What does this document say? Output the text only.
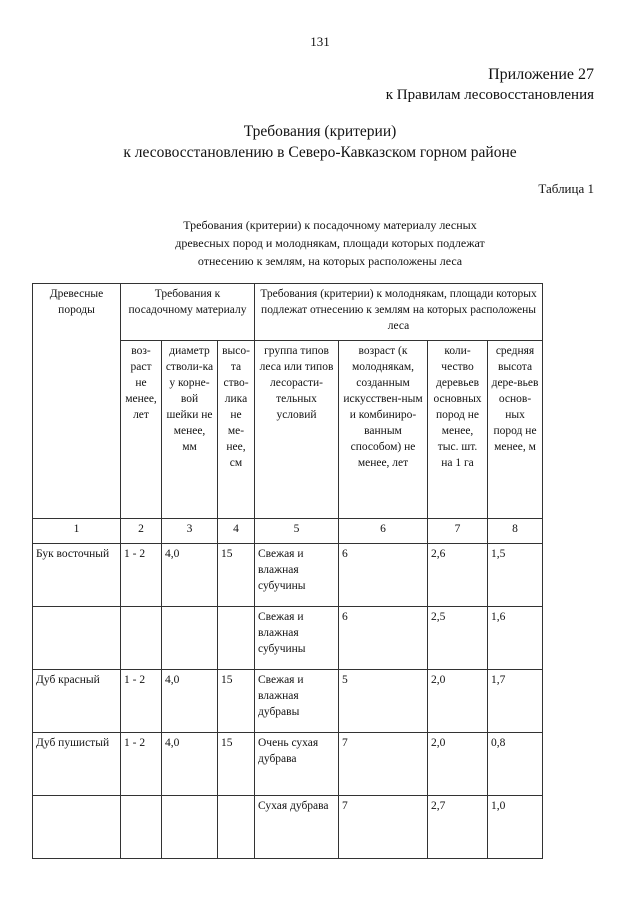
131
Приложение 27
к Правилам лесовосстановления
Требования (критерии)
к лесовосстановлению в Северо-Кавказском горном районе
Таблица 1
Требования (критерии) к посадочному материалу лесных
древесных пород и молоднякам, площади которых подлежат
отнесению к землям, на которых расположены леса
Древесные породы	Требования к посадочному материалу			Требования (критерии) к молоднякам, площади которых подлежат отнесению к землям на которых расположены леса			
	воз-раст не менее, лет	диаметр стволи-ка у корне-вой шейки не менее, мм	высо-та ство-лика не ме-нее, см	группа типов леса или типов лесорасти-тельных условий	возраст (к молоднякам, созданным искусствен-ным и комбиниро-ванным способом) не менее, лет	коли-чество деревьев основных пород не менее, тыс. шт. на 1 га	средняя высота дере-вьев основ-ных пород не менее, м
1	2	3	4	5	6	7	8
Бук восточный	1 - 2	4,0	15	Свежая и влажная субучины	6	2,6	1,5
				Свежая и влажная субучины	6	2,5	1,6
Дуб красный	1 - 2	4,0	15	Свежая и влажная дубравы	5	2,0	1,7
Дуб пушистый	1 - 2	4,0	15	Очень сухая дубрава	7	2,0	0,8
				Сухая дубрава	7	2,7	1,0
